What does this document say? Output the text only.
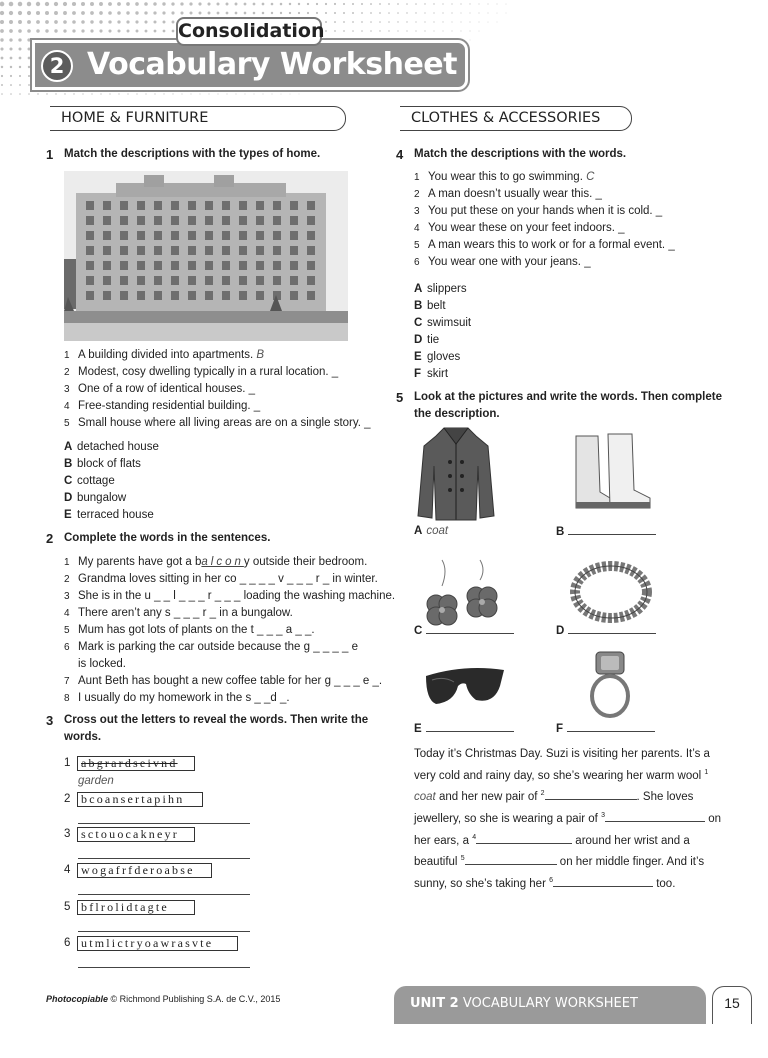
2 Vocabulary Worksheet
Consolidation
HOME & FURNITURE	CLOTHES & ACCESSORIES
1 Match the descriptions with the types of home.
1 A building divided into apartments. B
2 Modest, cosy dwelling typically in a rural location. _
3 One of a row of identical houses. _
4 Free-standing residential building. _
5 Small house where all living areas are on a single story. _
A detached house
B block of flats
C cottage
D bungalow
E terraced house
2 Complete the words in the sentences.
1 My parents have got a balcony outside their bedroom.
2 Grandma loves sitting in her co _ _ _ _ v _ _ _ r _ in winter.
3 She is in the u _ _ l _ _ _ r _ _ _ loading the washing machine.
4 There aren’t any s _ _ _ r _ in a bungalow.
5 Mum has got lots of plants on the t _ _ _ a _ _.
6 Mark is parking the car outside because the g _ _ _ _ e
is locked.
7 Aunt Beth has bought a new coffee table for her g _ _ _ e _.
8 I usually do my homework in the s _ _d _.
3 Cross out the letters to reveal the words. Then write the
words.
1 abgrardseivnd
garden
2 bcoansertapihn
3 sctouocakneyr
4 wogafrfderoabse
5 bflrolidtagte
6 utmlictryoawrasvte
4 Match the descriptions with the words.
1 You wear this to go swimming. C
2 A man doesn’t usually wear this. _
3 You put these on your hands when it is cold. _
4 You wear these on your feet indoors. _
5 A man wears this to work or for a formal event. _
6 You wear one with your jeans. _
A slippers
B belt
C swimsuit
D tie
E gloves
F skirt
5 Look at the pictures and write the words. Then complete
the description.
A coat	B
C	D
E	F
Today it’s Christmas Day. Suzi is visiting her parents. It’s a very cold and rainy day, so she’s wearing her warm wool $^1$ coat and her new pair of $^2$	. She loves jewellery, so she is wearing a pair of $^3$	on her ears, a $^4$	around her wrist and a beautiful $^5$	on her middle finger. And it’s sunny, so she’s taking her $^6$	too.
Photocopiable © Richmond Publishing S.A. de C.V., 2015	UNIT 2 VOCABULARY WORKSHEET Consolidation
15
